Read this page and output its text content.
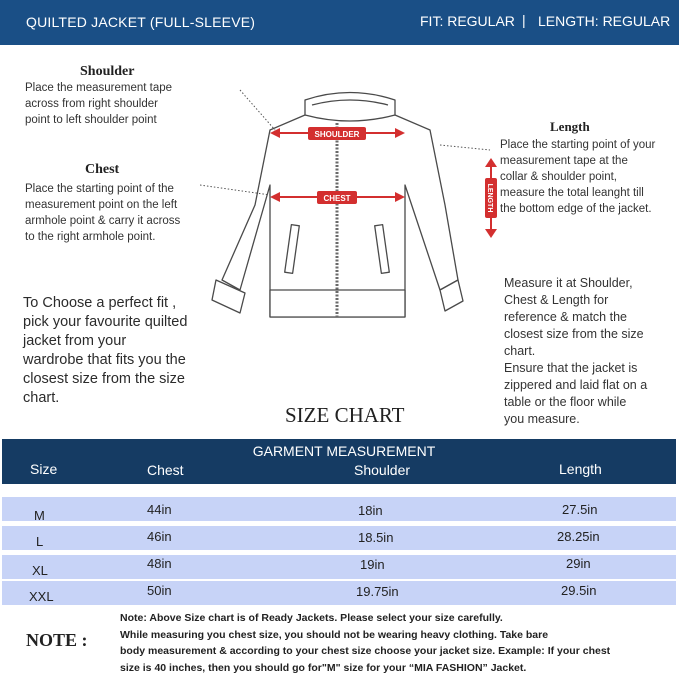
QUILTED JACKET (FULL-SLEEVE)	FIT: REGULAR | LENGTH: REGULAR
Shoulder
Place the measurement tape
across from right shoulder
point to left shoulder point
Chest
Place the starting point of the
measurement point on the left
armhole point & carry it across
to the right armhole point.
Length
Place the starting point of your
measurement tape at the
collar & shoulder point,
measure the total leanght till
the bottom edge of the jacket.
SHOULDER
CHEST	LENGTH
To Choose a perfect fit ,
pick your favourite quilted
jacket from your
wardrobe that fits you the
closest size from the size
chart.
Measure it at Shoulder,
Chest & Length for
reference & match the
closest size from the size
chart.
Ensure that the jacket is
zippered and laid flat on a
table or the floor while
you measure.
SIZE CHART
GARMENT MEASUREMENT
Size	Chest	Shoulder	Length
M	44in	18in	27.5in
L	46in	18.5in	28.25in
XL	48in	19in	29in
XXL	50in	19.75in	29.5in
NOTE :
Note: Above Size chart is of Ready Jackets. Please select your size carefully.
While measuring you chest size, you should not be wearing heavy clothing. Take bare
body measurement & according to your chest size choose your jacket size. Example: If your chest
size is 40 inches, then you should go for"M" size for your “MIA FASHION” Jacket.
